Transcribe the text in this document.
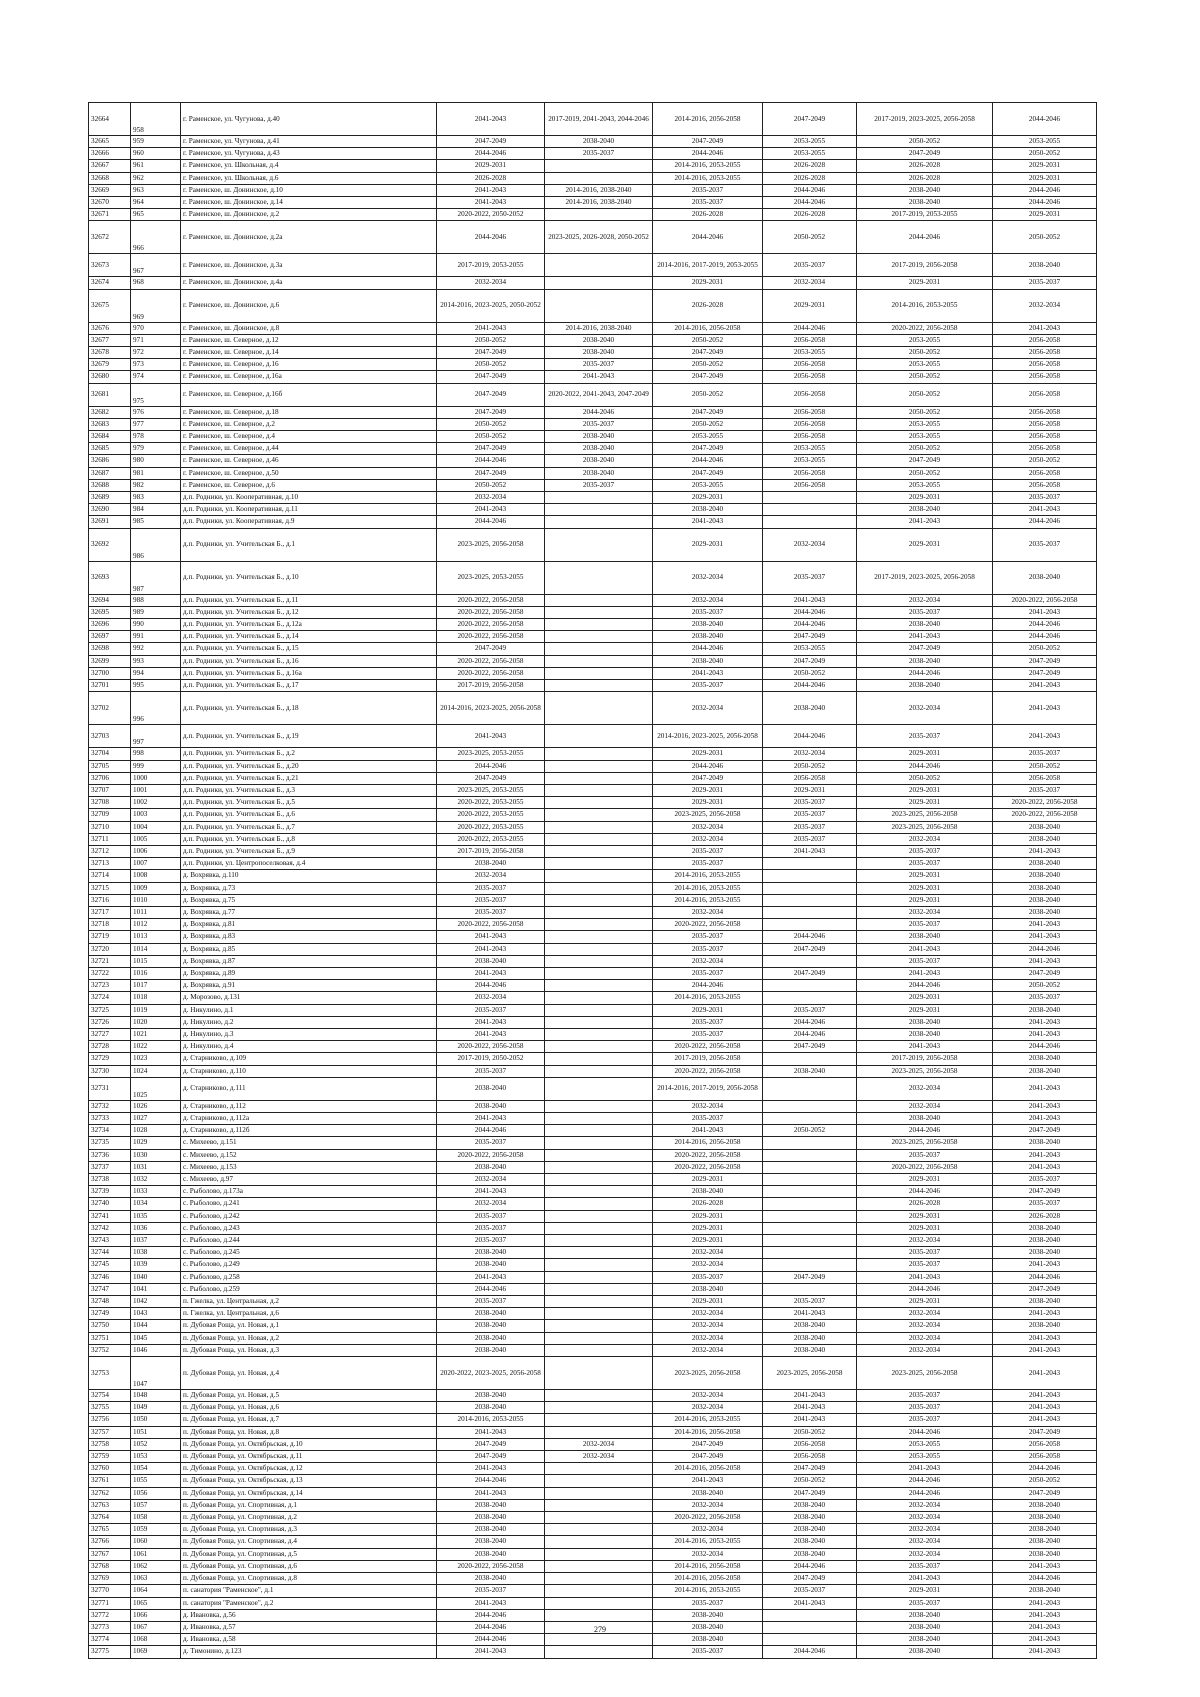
32664	958	г. Раменское, ул. Чугунова, д.40	2041-2043	2017-2019, 2041-2043, 2044-2046	2014-2016, 2056-2058	2047-2049	2017-2019, 2023-2025, 2056-2058	2044-2046
32665	959	г. Раменское, ул. Чугунова, д.41	2047-2049	2038-2040	2047-2049	2053-2055	2050-2052	2053-2055
32666	960	г. Раменское, ул. Чугунова, д.43	2044-2046	2035-2037	2044-2046	2053-2055	2047-2049	2050-2052
32667	961	г. Раменское, ул. Школьная, д.4	2029-2031		2014-2016, 2053-2055	2026-2028	2026-2028	2029-2031
32668	962	г. Раменское, ул. Школьная, д.6	2026-2028		2014-2016, 2053-2055	2026-2028	2026-2028	2029-2031
32669	963	г. Раменское, ш. Донинское, д.10	2041-2043	2014-2016, 2038-2040	2035-2037	2044-2046	2038-2040	2044-2046
32670	964	г. Раменское, ш. Донинское, д.14	2041-2043	2014-2016, 2038-2040	2035-2037	2044-2046	2038-2040	2044-2046
32671	965	г. Раменское, ш. Донинское, д.2	2020-2022, 2050-2052		2026-2028	2026-2028	2017-2019, 2053-2055	2029-2031
32672	966	г. Раменское, ш. Донинское, д.2а	2044-2046	2023-2025, 2026-2028, 2050-2052	2044-2046	2050-2052	2044-2046	2050-2052
32673	967	г. Раменское, ш. Донинское, д.3а	2017-2019, 2053-2055		2014-2016, 2017-2019, 2053-2055	2035-2037	2017-2019, 2056-2058	2038-2040
32674	968	г. Раменское, ш. Донинское, д.4а	2032-2034		2029-2031	2032-2034	2029-2031	2035-2037
32675	969	г. Раменское, ш. Донинское, д.6	2014-2016, 2023-2025, 2050-2052		2026-2028	2029-2031	2014-2016, 2053-2055	2032-2034
32676	970	г. Раменское, ш. Донинское, д.8	2041-2043	2014-2016, 2038-2040	2014-2016, 2056-2058	2044-2046	2020-2022, 2056-2058	2041-2043
32677	971	г. Раменское, ш. Северное, д.12	2050-2052	2038-2040	2050-2052	2056-2058	2053-2055	2056-2058
32678	972	г. Раменское, ш. Северное, д.14	2047-2049	2038-2040	2047-2049	2053-2055	2050-2052	2056-2058
32679	973	г. Раменское, ш. Северное, д.16	2050-2052	2035-2037	2050-2052	2056-2058	2053-2055	2056-2058
32680	974	г. Раменское, ш. Северное, д.16а	2047-2049	2041-2043	2047-2049	2056-2058	2050-2052	2056-2058
32681	975	г. Раменское, ш. Северное, д.16б	2047-2049	2020-2022, 2041-2043, 2047-2049	2050-2052	2056-2058	2050-2052	2056-2058
32682	976	г. Раменское, ш. Северное, д.18	2047-2049	2044-2046	2047-2049	2056-2058	2050-2052	2056-2058
32683	977	г. Раменское, ш. Северное, д.2	2050-2052	2035-2037	2050-2052	2056-2058	2053-2055	2056-2058
32684	978	г. Раменское, ш. Северное, д.4	2050-2052	2038-2040	2053-2055	2056-2058	2053-2055	2056-2058
32685	979	г. Раменское, ш. Северное, д.44	2047-2049	2038-2040	2047-2049	2053-2055	2050-2052	2056-2058
32686	980	г. Раменское, ш. Северное, д.46	2044-2046	2038-2040	2044-2046	2053-2055	2047-2049	2050-2052
32687	981	г. Раменское, ш. Северное, д.50	2047-2049	2038-2040	2047-2049	2056-2058	2050-2052	2056-2058
32688	982	г. Раменское, ш. Северное, д.6	2050-2052	2035-2037	2053-2055	2056-2058	2053-2055	2056-2058
32689	983	д.п. Родники, ул. Кооперативная, д.10	2032-2034		2029-2031		2029-2031	2035-2037
32690	984	д.п. Родники, ул. Кооперативная, д.11	2041-2043		2038-2040		2038-2040	2041-2043
32691	985	д.п. Родники, ул. Кооперативная, д.9	2044-2046		2041-2043		2041-2043	2044-2046
32692	986	д.п. Родники, ул. Учительская Б., д.1	2023-2025, 2056-2058		2029-2031	2032-2034	2029-2031	2035-2037
32693	987	д.п. Родники, ул. Учительская Б., д.10	2023-2025, 2053-2055		2032-2034	2035-2037	2017-2019, 2023-2025, 2056-2058	2038-2040
32694	988	д.п. Родники, ул. Учительская Б., д.11	2020-2022, 2056-2058		2032-2034	2041-2043	2032-2034	2020-2022, 2056-2058
32695	989	д.п. Родники, ул. Учительская Б., д.12	2020-2022, 2056-2058		2035-2037	2044-2046	2035-2037	2041-2043
32696	990	д.п. Родники, ул. Учительская Б., д.12а	2020-2022, 2056-2058		2038-2040	2044-2046	2038-2040	2044-2046
32697	991	д.п. Родники, ул. Учительская Б., д.14	2020-2022, 2056-2058		2038-2040	2047-2049	2041-2043	2044-2046
32698	992	д.п. Родники, ул. Учительская Б., д.15	2047-2049		2044-2046	2053-2055	2047-2049	2050-2052
32699	993	д.п. Родники, ул. Учительская Б., д.16	2020-2022, 2056-2058		2038-2040	2047-2049	2038-2040	2047-2049
32700	994	д.п. Родники, ул. Учительская Б., д.16а	2020-2022, 2056-2058		2041-2043	2050-2052	2044-2046	2047-2049
32701	995	д.п. Родники, ул. Учительская Б., д.17	2017-2019, 2056-2058		2035-2037	2044-2046	2038-2040	2041-2043
32702	996	д.п. Родники, ул. Учительская Б., д.18	2014-2016, 2023-2025, 2056-2058		2032-2034	2038-2040	2032-2034	2041-2043
32703	997	д.п. Родники, ул. Учительская Б., д.19	2041-2043		2014-2016, 2023-2025, 2056-2058	2044-2046	2035-2037	2041-2043
32704	998	д.п. Родники, ул. Учительская Б., д.2	2023-2025, 2053-2055		2029-2031	2032-2034	2029-2031	2035-2037
32705	999	д.п. Родники, ул. Учительская Б., д.20	2044-2046		2044-2046	2050-2052	2044-2046	2050-2052
32706	1000	д.п. Родники, ул. Учительская Б., д.21	2047-2049		2047-2049	2056-2058	2050-2052	2056-2058
32707	1001	д.п. Родники, ул. Учительская Б., д.3	2023-2025, 2053-2055		2029-2031	2029-2031	2029-2031	2035-2037
32708	1002	д.п. Родники, ул. Учительская Б., д.5	2020-2022, 2053-2055		2029-2031	2035-2037	2029-2031	2020-2022, 2056-2058
32709	1003	д.п. Родники, ул. Учительская Б., д.6	2020-2022, 2053-2055		2023-2025, 2056-2058	2035-2037	2023-2025, 2056-2058	2020-2022, 2056-2058
32710	1004	д.п. Родники, ул. Учительская Б., д.7	2020-2022, 2053-2055		2032-2034	2035-2037	2023-2025, 2056-2058	2038-2040
32711	1005	д.п. Родники, ул. Учительская Б., д.8	2020-2022, 2053-2055		2032-2034	2035-2037	2032-2034	2038-2040
32712	1006	д.п. Родники, ул. Учительская Б., д.9	2017-2019, 2056-2058		2035-2037	2041-2043	2035-2037	2041-2043
32713	1007	д.п. Родники, ул. Центропоселковая, д.4	2038-2040		2035-2037		2035-2037	2038-2040
32714	1008	д. Вохрявка, д.110	2032-2034		2014-2016, 2053-2055		2029-2031	2038-2040
32715	1009	д. Вохрявка, д.73	2035-2037		2014-2016, 2053-2055		2029-2031	2038-2040
32716	1010	д. Вохрявка, д.75	2035-2037		2014-2016, 2053-2055		2029-2031	2038-2040
32717	1011	д. Вохрявка, д.77	2035-2037		2032-2034		2032-2034	2038-2040
32718	1012	д. Вохрявка, д.81	2020-2022, 2056-2058		2020-2022, 2056-2058		2035-2037	2041-2043
32719	1013	д. Вохрявка, д.83	2041-2043		2035-2037	2044-2046	2038-2040	2041-2043
32720	1014	д. Вохрявка, д.85	2041-2043		2035-2037	2047-2049	2041-2043	2044-2046
32721	1015	д. Вохрявка, д.87	2038-2040		2032-2034		2035-2037	2041-2043
32722	1016	д. Вохрявка, д.89	2041-2043		2035-2037	2047-2049	2041-2043	2047-2049
32723	1017	д. Вохрявка, д.91	2044-2046		2044-2046		2044-2046	2050-2052
32724	1018	д. Морозово, д.131	2032-2034		2014-2016, 2053-2055		2029-2031	2035-2037
32725	1019	д. Никулино, д.1	2035-2037		2029-2031	2035-2037	2029-2031	2038-2040
32726	1020	д. Никулино, д.2	2041-2043		2035-2037	2044-2046	2038-2040	2041-2043
32727	1021	д. Никулино, д.3	2041-2043		2035-2037	2044-2046	2038-2040	2041-2043
32728	1022	д. Никулино, д.4	2020-2022, 2056-2058		2020-2022, 2056-2058	2047-2049	2041-2043	2044-2046
32729	1023	д. Старниково, д.109	2017-2019, 2050-2052		2017-2019, 2056-2058		2017-2019, 2056-2058	2038-2040
32730	1024	д. Старниково, д.110	2035-2037		2020-2022, 2056-2058	2038-2040	2023-2025, 2056-2058	2038-2040
32731	1025	д. Старниково, д.111	2038-2040		2014-2016, 2017-2019, 2056-2058		2032-2034	2041-2043
32732	1026	д. Старниково, д.112	2038-2040		2032-2034		2032-2034	2041-2043
32733	1027	д. Старниково, д.112а	2041-2043		2035-2037		2038-2040	2041-2043
32734	1028	д. Старниково, д.112б	2044-2046		2041-2043	2050-2052	2044-2046	2047-2049
32735	1029	с. Михеево, д.151	2035-2037		2014-2016, 2056-2058		2023-2025, 2056-2058	2038-2040
32736	1030	с. Михеево, д.152	2020-2022, 2056-2058		2020-2022, 2056-2058		2035-2037	2041-2043
32737	1031	с. Михеево, д.153	2038-2040		2020-2022, 2056-2058		2020-2022, 2056-2058	2041-2043
32738	1032	с. Михеево, д.97	2032-2034		2029-2031		2029-2031	2035-2037
32739	1033	с. Рыболово, д.173а	2041-2043		2038-2040		2044-2046	2047-2049
32740	1034	с. Рыболово, д.241	2032-2034		2026-2028		2026-2028	2035-2037
32741	1035	с. Рыболово, д.242	2035-2037		2029-2031		2029-2031	2026-2028
32742	1036	с. Рыболово, д.243	2035-2037		2029-2031		2029-2031	2038-2040
32743	1037	с. Рыболово, д.244	2035-2037		2029-2031		2032-2034	2038-2040
32744	1038	с. Рыболово, д.245	2038-2040		2032-2034		2035-2037	2038-2040
32745	1039	с. Рыболово, д.249	2038-2040		2032-2034		2035-2037	2041-2043
32746	1040	с. Рыболово, д.258	2041-2043		2035-2037	2047-2049	2041-2043	2044-2046
32747	1041	с. Рыболово, д.259	2044-2046		2038-2040		2044-2046	2047-2049
32748	1042	п. Гжелка, ул. Центральная, д.2	2035-2037		2029-2031	2035-2037	2029-2031	2038-2040
32749	1043	п. Гжелка, ул. Центральная, д.6	2038-2040		2032-2034	2041-2043	2032-2034	2041-2043
32750	1044	п. Дубовая Роща, ул. Новая, д.1	2038-2040		2032-2034	2038-2040	2032-2034	2038-2040
32751	1045	п. Дубовая Роща, ул. Новая, д.2	2038-2040		2032-2034	2038-2040	2032-2034	2041-2043
32752	1046	п. Дубовая Роща, ул. Новая, д.3	2038-2040		2032-2034	2038-2040	2032-2034	2041-2043
32753	1047	п. Дубовая Роща, ул. Новая, д.4	2020-2022, 2023-2025, 2056-2058		2023-2025, 2056-2058	2023-2025, 2056-2058	2023-2025, 2056-2058	2041-2043
32754	1048	п. Дубовая Роща, ул. Новая, д.5	2038-2040		2032-2034	2041-2043	2035-2037	2041-2043
32755	1049	п. Дубовая Роща, ул. Новая, д.6	2038-2040		2032-2034	2041-2043	2035-2037	2041-2043
32756	1050	п. Дубовая Роща, ул. Новая, д.7	2014-2016, 2053-2055		2014-2016, 2053-2055	2041-2043	2035-2037	2041-2043
32757	1051	п. Дубовая Роща, ул. Новая, д.8	2041-2043		2014-2016, 2056-2058	2050-2052	2044-2046	2047-2049
32758	1052	п. Дубовая Роща, ул. Октябрьская, д.10	2047-2049	2032-2034	2047-2049	2056-2058	2053-2055	2056-2058
32759	1053	п. Дубовая Роща, ул. Октябрьская, д.11	2047-2049	2032-2034	2047-2049	2056-2058	2053-2055	2056-2058
32760	1054	п. Дубовая Роща, ул. Октябрьская, д.12	2041-2043		2014-2016, 2056-2058	2047-2049	2041-2043	2044-2046
32761	1055	п. Дубовая Роща, ул. Октябрьская, д.13	2044-2046		2041-2043	2050-2052	2044-2046	2050-2052
32762	1056	п. Дубовая Роща, ул. Октябрьская, д.14	2041-2043		2038-2040	2047-2049	2044-2046	2047-2049
32763	1057	п. Дубовая Роща, ул. Спортивная, д.1	2038-2040		2032-2034	2038-2040	2032-2034	2038-2040
32764	1058	п. Дубовая Роща, ул. Спортивная, д.2	2038-2040		2020-2022, 2056-2058	2038-2040	2032-2034	2038-2040
32765	1059	п. Дубовая Роща, ул. Спортивная, д.3	2038-2040		2032-2034	2038-2040	2032-2034	2038-2040
32766	1060	п. Дубовая Роща, ул. Спортивная, д.4	2038-2040		2014-2016, 2053-2055	2038-2040	2032-2034	2038-2040
32767	1061	п. Дубовая Роща, ул. Спортивная, д.5	2038-2040		2032-2034	2038-2040	2032-2034	2038-2040
32768	1062	п. Дубовая Роща, ул. Спортивная, д.6	2020-2022, 2056-2058		2014-2016, 2056-2058	2044-2046	2035-2037	2041-2043
32769	1063	п. Дубовая Роща, ул. Спортивная, д.8	2038-2040		2014-2016, 2056-2058	2047-2049	2041-2043	2044-2046
32770	1064	п. санатория "Раменское", д.1	2035-2037		2014-2016, 2053-2055	2035-2037	2029-2031	2038-2040
32771	1065	п. санатория "Раменское", д.2	2041-2043		2035-2037	2041-2043	2035-2037	2041-2043
32772	1066	д. Ивановка, д.56	2044-2046		2038-2040		2038-2040	2041-2043
32773	1067	д. Ивановка, д.57	2044-2046		2038-2040		2038-2040	2041-2043
32774	1068	д. Ивановка, д.58	2044-2046		2038-2040		2038-2040	2041-2043
32775	1069	д. Тимонино, д.123	2041-2043		2035-2037	2044-2046	2038-2040	2041-2043
279
